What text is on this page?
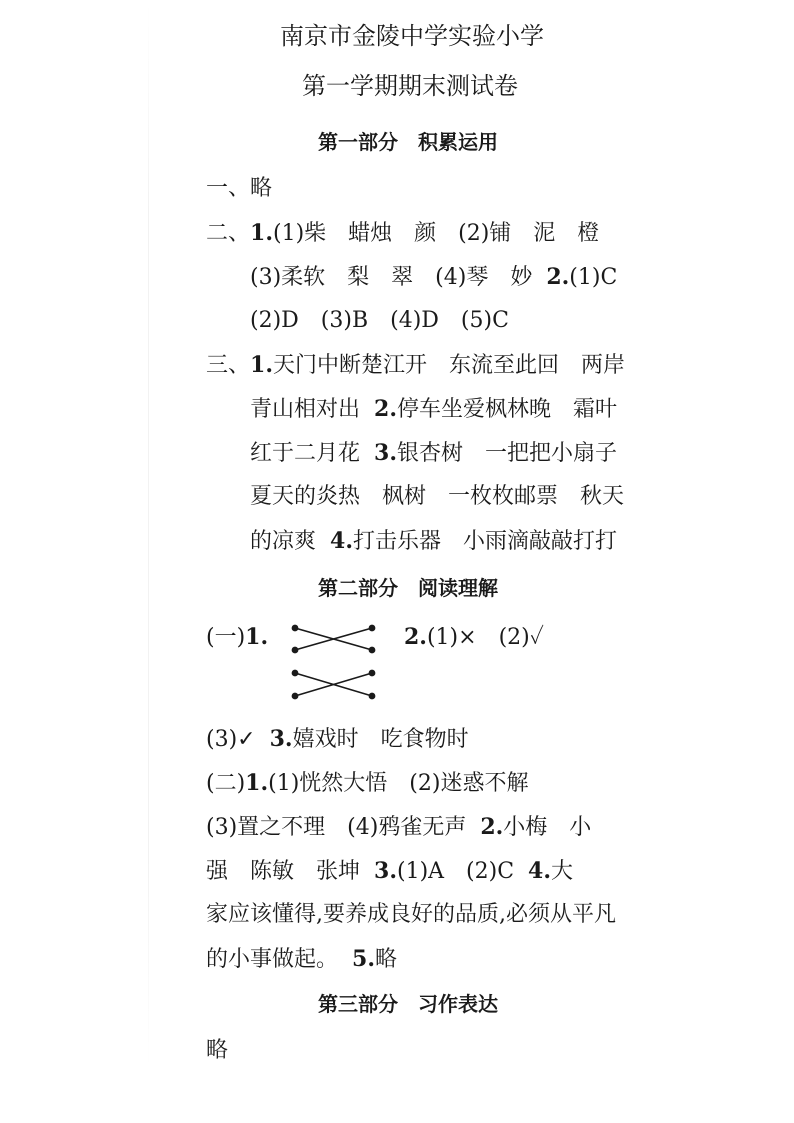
南京市金陵中学实验小学
第一学期期末测试卷
第一部分　积累运用
一、略
二、1.(1)柴　蜡烛　颜　(2)铺　泥　橙
(3)柔软　梨　翠　(4)琴　妙 2.(1)C
(2)D　(3)B　(4)D　(5)C
三、1.天门中断楚江开　东流至此回　两岸
青山相对出 2.停车坐爱枫林晚　霜叶
红于二月花 3.银杏树　一把把小扇子
夏天的炎热　枫树　一枚枚邮票　秋天
的凉爽 4.打击乐器　小雨滴敲敲打打
第二部分　阅读理解
(一)1.	2.(1)×　(2)✓
(3)✓ 3.嬉戏时　吃食物时
(二)1.(1)恍然大悟　(2)迷惑不解
(3)置之不理　(4)鸦雀无声 2.小梅　小
强　陈敏　张坤 3.(1)A　(2)C 4.大
家应该懂得,要养成良好的品质,必须从平凡
的小事做起。 5.略
第三部分　习作表达
略
